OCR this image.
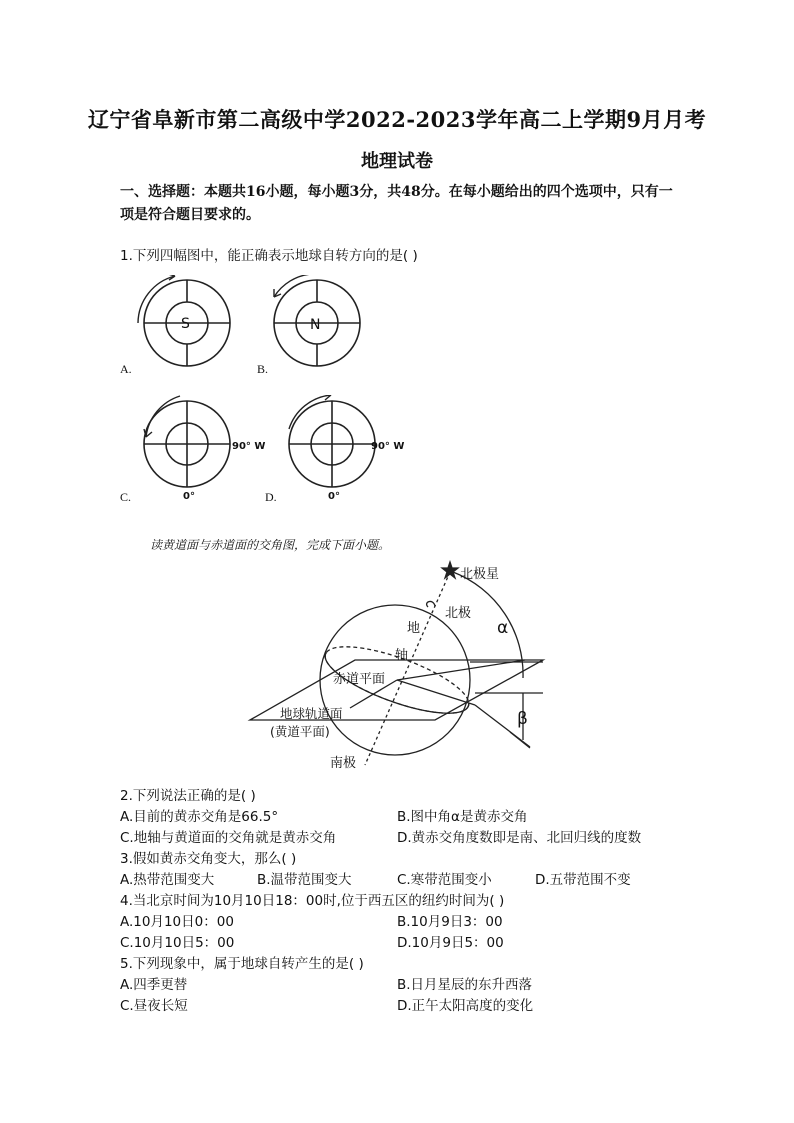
辽宁省阜新市第二高级中学2022-2023学年高二上学期9月月考
地理试卷
一、选择题：本题共16小题，每小题3分，共48分。在每小题给出的四个选项中，只有一项是符合题目要求的。
1.下列四幅图中，能正确表示地球自转方向的是( )
S
A.
N
B.
90° W
0°
C.
90° W
0°
D.
读黄道面与赤道面的交角图，完成下面小题。
北极星
北极
地
轴
赤道平面
地球轨道面
(黄道平面)
南极
α
β
2.下列说法正确的是( )
A.目前的黄赤交角是66.5°	B.图中角α是黄赤交角
C.地轴与黄道面的交角就是黄赤交角	D.黄赤交角度数即是南、北回归线的度数
3.假如黄赤交角变大，那么( )
A.热带范围变大	B.温带范围变大	C.寒带范围变小	D.五带范围不变
4.当北京时间为10月10日18：00时,位于西五区的纽约时间为( )
A.10月10日0：00	B.10月9日3：00
C.10月10日5：00	D.10月9日5：00
5.下列现象中，属于地球自转产生的是( )
A.四季更替	B.日月星辰的东升西落
C.昼夜长短	D.正午太阳高度的变化
